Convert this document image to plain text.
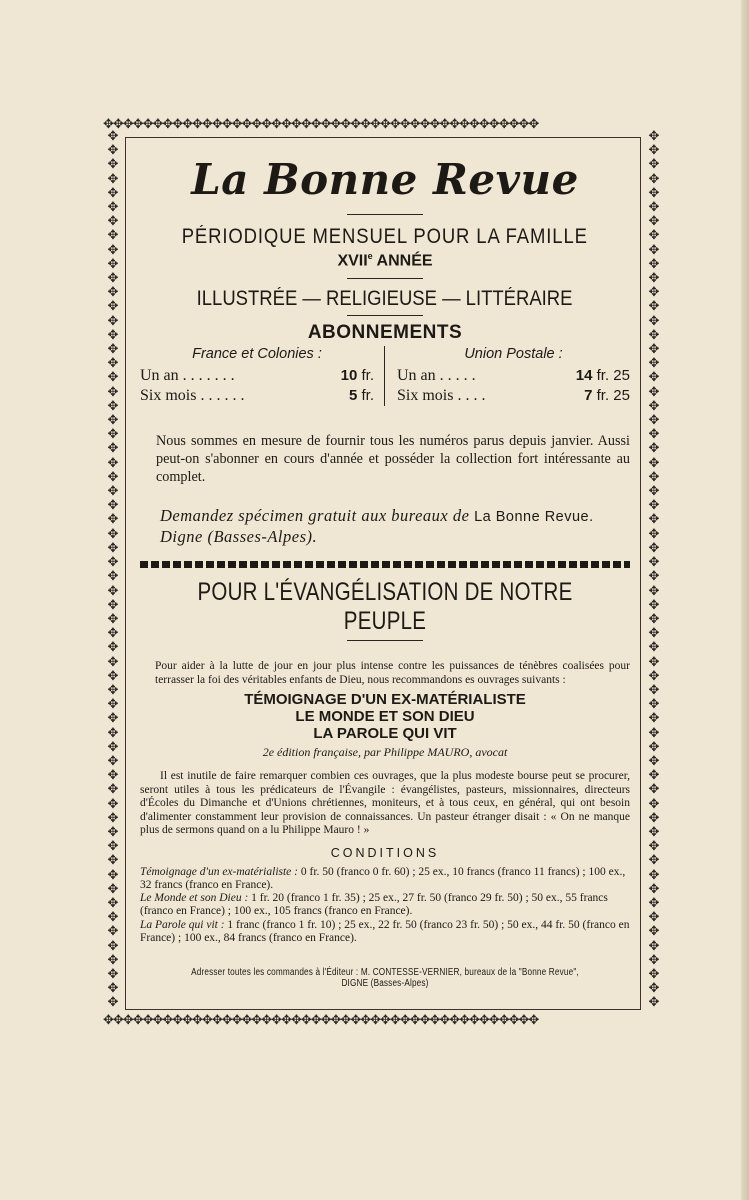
✥✥✥✥✥✥✥✥✥✥✥✥✥✥✥✥✥✥✥✥✥✥✥✥✥✥✥✥✥✥✥✥✥✥✥✥✥✥✥✥✥✥✥✥
✥✥✥✥✥✥✥✥✥✥✥✥✥✥✥✥✥✥✥✥✥✥✥✥✥✥✥✥✥✥✥✥✥✥✥✥✥✥✥✥✥✥✥✥
✥✥✥✥✥✥✥✥✥✥✥✥✥✥✥✥✥✥✥✥✥✥✥✥✥✥✥✥✥✥✥✥✥✥✥✥✥✥✥✥✥✥✥✥✥✥✥✥✥✥✥✥✥✥✥✥✥✥✥✥✥✥
✥✥✥✥✥✥✥✥✥✥✥✥✥✥✥✥✥✥✥✥✥✥✥✥✥✥✥✥✥✥✥✥✥✥✥✥✥✥✥✥✥✥✥✥✥✥✥✥✥✥✥✥✥✥✥✥✥✥✥✥✥✥
La Bonne Revue
PÉRIODIQUE MENSUEL POUR LA FAMILLE
XVIIe ANNÉE
ILLUSTRÉE — RELIGIEUSE — LITTÉRAIRE
ABONNEMENTS
France et Colonies :
Un an . . . . . . .	10 fr.
Six mois . . . . . .	5 fr.
Union Postale :
Un an . . . . .	14 fr. 25
Six mois . . . .	7 fr. 25
Nous sommes en mesure de fournir tous les numéros parus depuis janvier. Aussi peut-on s'abonner en cours d'année et posséder la collection fort intéressante au complet.
Demandez spécimen gratuit aux bureaux de La Bonne Revue. Digne (Basses-Alpes).
POUR L'ÉVANGÉLISATION DE NOTRE PEUPLE
Pour aider à la lutte de jour en jour plus intense contre les puissances de ténèbres coalisées pour terrasser la foi des véritables enfants de Dieu, nous recommandons es ouvrages suivants :
TÉMOIGNAGE D'UN EX-MATÉRIALISTE
LE MONDE ET SON DIEU
LA PAROLE QUI VIT
2e édition française, par Philippe MAURO, avocat
Il est inutile de faire remarquer combien ces ouvrages, que la plus modeste bourse peut se procurer, seront utiles à tous les prédicateurs de l'Évangile : évangélistes, pasteurs, missionnaires, directeurs d'Écoles du Dimanche et d'Unions chrétiennes, moniteurs, et à tous ceux, en général, qui ont besoin d'alimenter constamment leur provision de connaissances. Un pasteur étranger disait : « On ne manque plus de sermons quand on a lu Philippe Mauro ! »
CONDITIONS
Témoignage d'un ex-matérialiste : 0 fr. 50 (franco 0 fr. 60) ; 25 ex., 10 francs (franco 11 francs) ; 100 ex., 32 francs (franco en France).
Le Monde et son Dieu : 1 fr. 20 (franco 1 fr. 35) ; 25 ex., 27 fr. 50 (franco 29 fr. 50) ; 50 ex., 55 francs (franco en France) ; 100 ex., 105 francs (franco en France).
La Parole qui vit : 1 franc (franco 1 fr. 10) ; 25 ex., 22 fr. 50 (franco 23 fr. 50) ; 50 ex., 44 fr. 50 (franco en France) ; 100 ex., 84 francs (franco en France).
Adresser toutes les commandes à l'Éditeur : M. CONTESSE-VERNIER, bureaux de la "Bonne Revue", DIGNE (Basses-Alpes)
